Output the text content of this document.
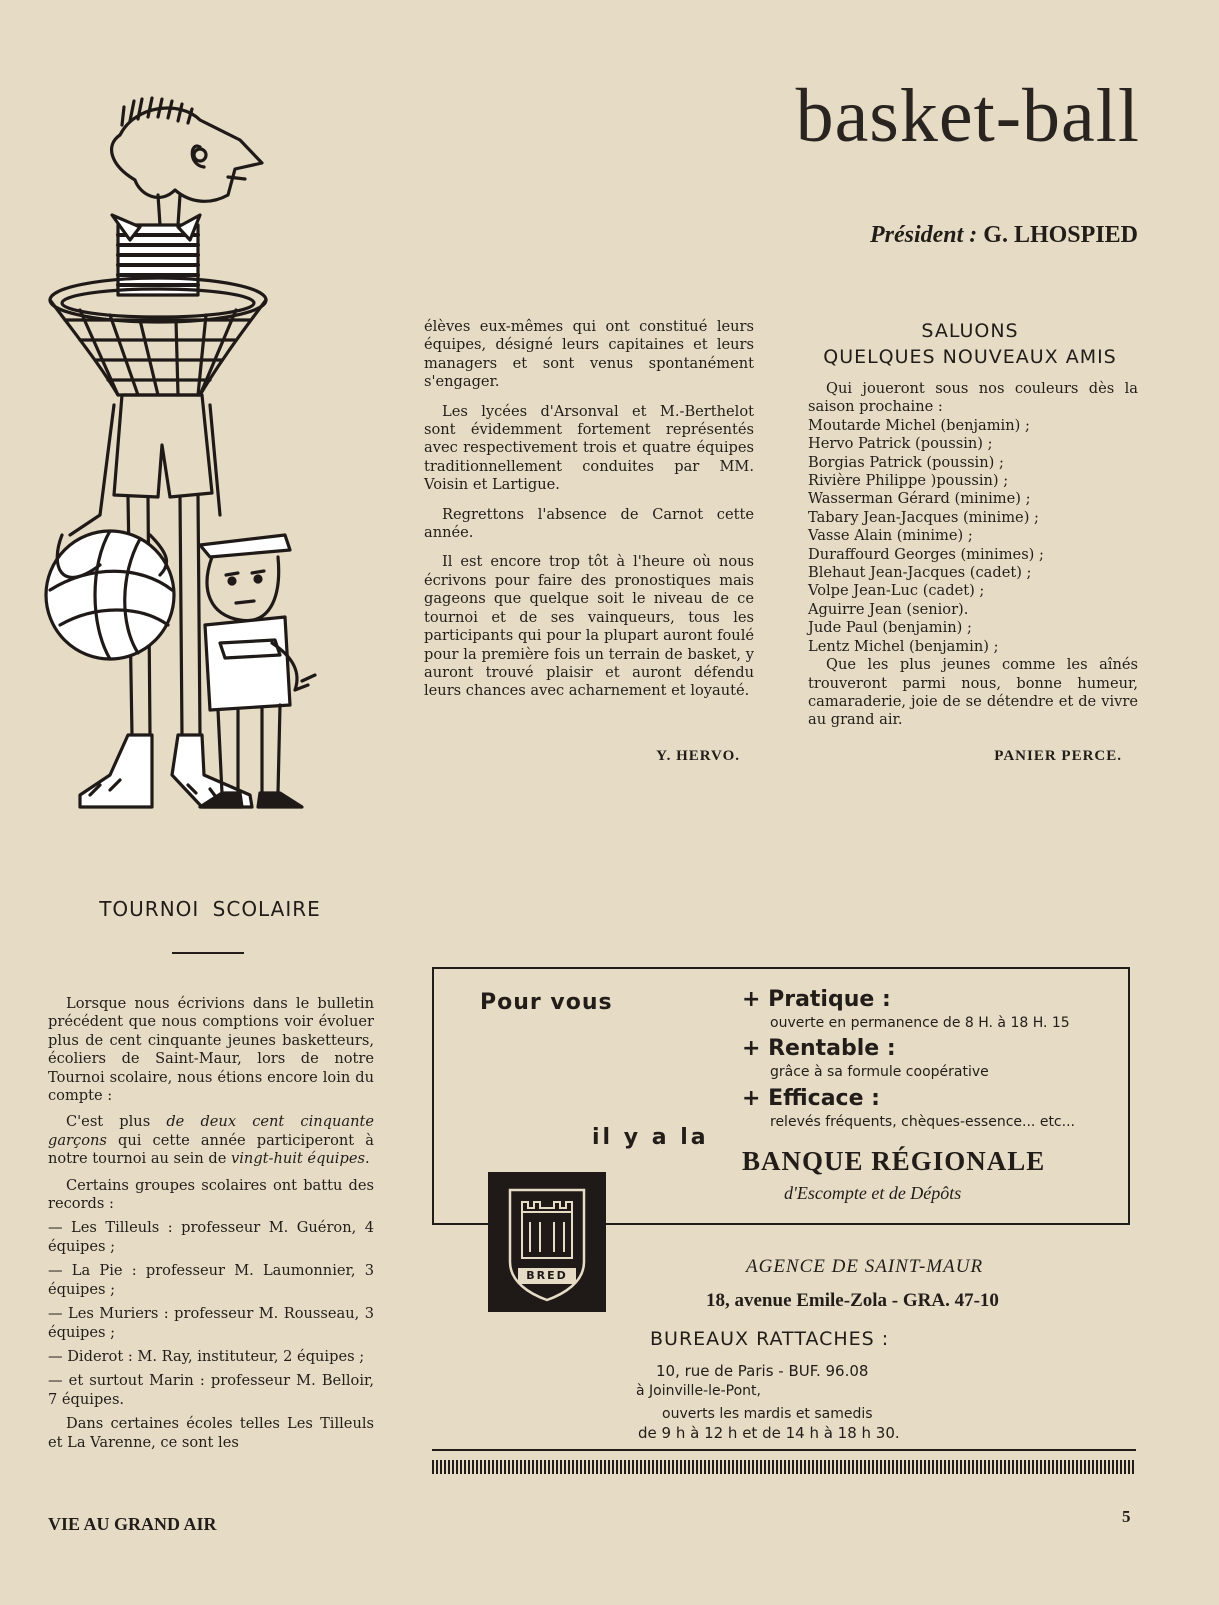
basket-ball
Président : G. LHOSPIED

élèves eux-mêmes qui ont constitué leurs équipes, désigné leurs capitaines et leurs managers et sont venus spontanément s'engager.

Les lycées d'Arsonval et M.-Berthelot sont évidemment fortement représentés avec respectivement trois et quatre équipes traditionnellement conduites par MM. Voisin et Lartigue.

Regrettons l'absence de Carnot cette année.

Il est encore trop tôt à l'heure où nous écrivons pour faire des pronostiques mais gageons que quelque soit le niveau de ce tournoi et de ses vainqueurs, tous les participants qui pour la plupart auront foulé pour la première fois un terrain de basket, y auront trouvé plaisir et auront défendu leurs chances avec acharnement et loyauté.

Y. HERVO.
SALUONS
QUELQUES NOUVEAUX AMIS

Qui joueront sous nos couleurs dès la saison prochaine :

Moutarde Michel (benjamin) ;
Hervo Patrick (poussin) ;
Borgias Patrick (poussin) ;
Rivière Philippe )poussin) ;
Wasserman Gérard (minime) ;
Tabary Jean-Jacques (minime) ;
Vasse Alain (minime) ;
Duraffourd Georges (minimes) ;
Blehaut Jean-Jacques (cadet) ;
Volpe Jean-Luc (cadet) ;
Aguirre Jean (senior).
Jude Paul (benjamin) ;
Lentz Michel (benjamin) ;

Que les plus jeunes comme les aînés trouveront parmi nous, bonne humeur, camaraderie, joie de se détendre et de vivre au grand air.

PANIER PERCE.
TOURNOI SCOLAIRE

Lorsque nous écrivions dans le bulletin précédent que nous comptions voir évoluer plus de cent cinquante jeunes basketteurs, écoliers de Saint-Maur, lors de notre Tournoi scolaire, nous étions encore loin du compte :

C'est plus de deux cent cinquante garçons qui cette année participeront à notre tournoi au sein de vingt-huit équipes.

Certains groupes scolaires ont battu des records :

— Les Tilleuls : professeur M. Guéron, 4 équipes ;

— La Pie : professeur M. Laumonnier, 3 équipes ;

— Les Muriers : professeur M. Rousseau, 3 équipes ;

— Diderot : M. Ray, instituteur, 2 équipes ;

— et surtout Marin : professeur M. Belloir, 7 équipes.

Dans certaines écoles telles Les Tilleuls et La Varenne, ce sont les

Pour vous
il y a la
+ Pratique :
ouverte en permanence de 8 H. à 18 H. 15
+ Rentable :
grâce à sa formule coopérative
+ Efficace :
relevés fréquents, chèques-essence... etc...
BANQUE RÉGIONALE
d'Escompte et de Dépôts
BRED	AGENCE DE SAINT-MAUR
18, avenue Emile-Zola - GRA. 47-10
BUREAUX RATTACHES :
10, rue de Paris - BUF. 96.08
à Joinville-le-Pont,
ouverts les mardis et samedis
de 9 h à 12 h et de 14 h à 18 h 30.
VIE AU GRAND AIR	5
